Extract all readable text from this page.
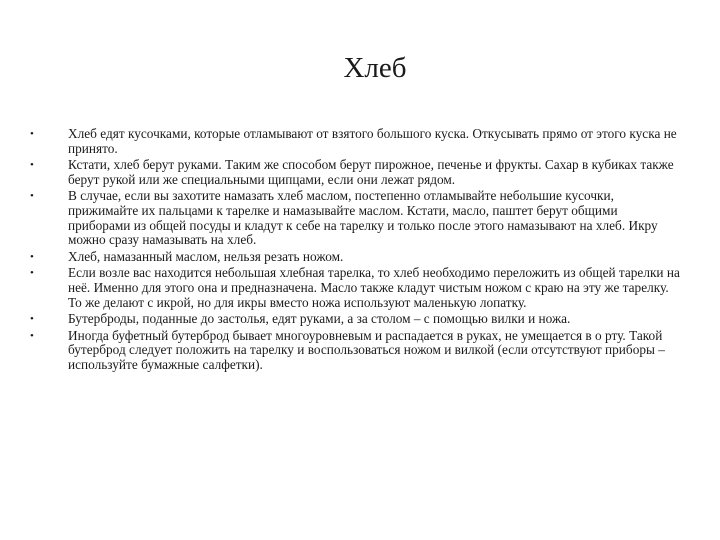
Хлеб
•	Хлеб едят кусочками, которые отламывают от взятого большого куска. Откусывать прямо от этого куска не принято.
•	Кстати, хлеб берут руками. Таким же способом берут пирожное, печенье и фрукты. Сахар в кубиках также берут рукой или же специальными щипцами, если они лежат рядом.
•	В случае, если вы захотите намазать хлеб маслом, постепенно отламывайте небольшие кусочки, прижимайте их пальцами к тарелке и намазывайте маслом. Кстати, масло, паштет берут общими приборами из общей посуды и кладут к себе на тарелку и только после этого намазывают на хлеб. Икру можно сразу намазывать на хлеб.
•	Хлеб, намазанный маслом, нельзя резать ножом.
•	Если возле вас находится небольшая хлебная тарелка, то хлеб необходимо переложить из общей тарелки на неё. Именно для этого она и предназначена. Масло также кладут чистым ножом с краю на эту же тарелку. То же делают с икрой, но для икры вместо ножа используют маленькую лопатку.
•	Бутерброды, поданные до застолья, едят руками, а за столом – с помощью вилки и ножа.
•	Иногда буфетный бутерброд бывает многоуровневым и распадается в руках, не умещается в о рту. Такой бутерброд следует положить на тарелку и воспользоваться ножом и вилкой (если отсутствуют приборы – используйте бумажные салфетки).
